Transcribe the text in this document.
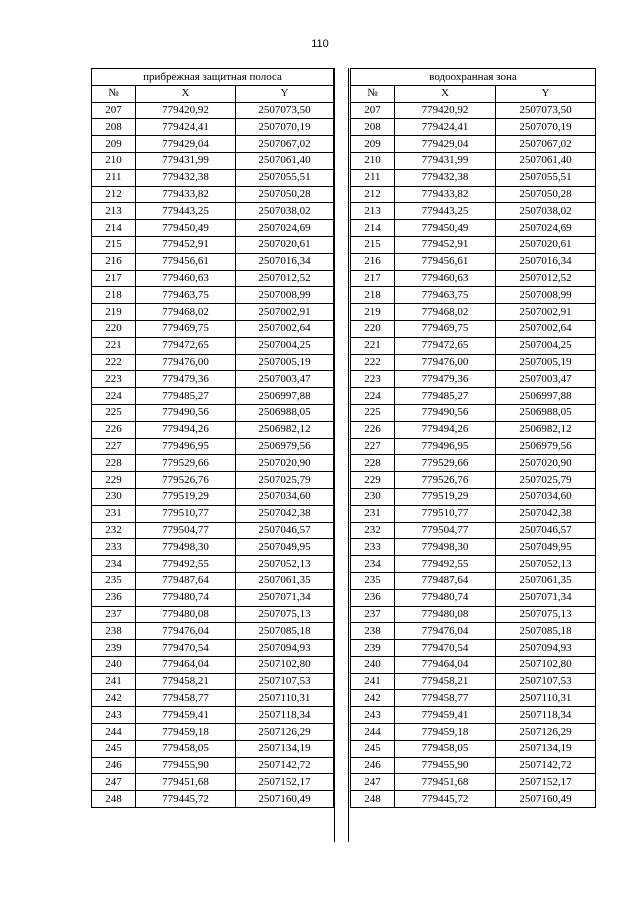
110
прибрежная защитная полоса		
№	X	Y
207	779420,92	2507073,50
208	779424,41	2507070,19
209	779429,04	2507067,02
210	779431,99	2507061,40
211	779432,38	2507055,51
212	779433,82	2507050,28
213	779443,25	2507038,02
214	779450,49	2507024,69
215	779452,91	2507020,61
216	779456,61	2507016,34
217	779460,63	2507012,52
218	779463,75	2507008,99
219	779468,02	2507002,91
220	779469,75	2507002,64
221	779472,65	2507004,25
222	779476,00	2507005,19
223	779479,36	2507003,47
224	779485,27	2506997,88
225	779490,56	2506988,05
226	779494,26	2506982,12
227	779496,95	2506979,56
228	779529,66	2507020,90
229	779526,76	2507025,79
230	779519,29	2507034,60
231	779510,77	2507042,38
232	779504,77	2507046,57
233	779498,30	2507049,95
234	779492,55	2507052,13
235	779487,64	2507061,35
236	779480,74	2507071,34
237	779480,08	2507075,13
238	779476,04	2507085,18
239	779470,54	2507094,93
240	779464,04	2507102,80
241	779458,21	2507107,53
242	779458,77	2507110,31
243	779459,41	2507118,34
244	779459,18	2507126,29
245	779458,05	2507134,19
246	779455,90	2507142,72
247	779451,68	2507152,17
248	779445,72	2507160,49
водоохранная зона		
№	X	Y
207	779420,92	2507073,50
208	779424,41	2507070,19
209	779429,04	2507067,02
210	779431,99	2507061,40
211	779432,38	2507055,51
212	779433,82	2507050,28
213	779443,25	2507038,02
214	779450,49	2507024,69
215	779452,91	2507020,61
216	779456,61	2507016,34
217	779460,63	2507012,52
218	779463,75	2507008,99
219	779468,02	2507002,91
220	779469,75	2507002,64
221	779472,65	2507004,25
222	779476,00	2507005,19
223	779479,36	2507003,47
224	779485,27	2506997,88
225	779490,56	2506988,05
226	779494,26	2506982,12
227	779496,95	2506979,56
228	779529,66	2507020,90
229	779526,76	2507025,79
230	779519,29	2507034,60
231	779510,77	2507042,38
232	779504,77	2507046,57
233	779498,30	2507049,95
234	779492,55	2507052,13
235	779487,64	2507061,35
236	779480,74	2507071,34
237	779480,08	2507075,13
238	779476,04	2507085,18
239	779470,54	2507094,93
240	779464,04	2507102,80
241	779458,21	2507107,53
242	779458,77	2507110,31
243	779459,41	2507118,34
244	779459,18	2507126,29
245	779458,05	2507134,19
246	779455,90	2507142,72
247	779451,68	2507152,17
248	779445,72	2507160,49
